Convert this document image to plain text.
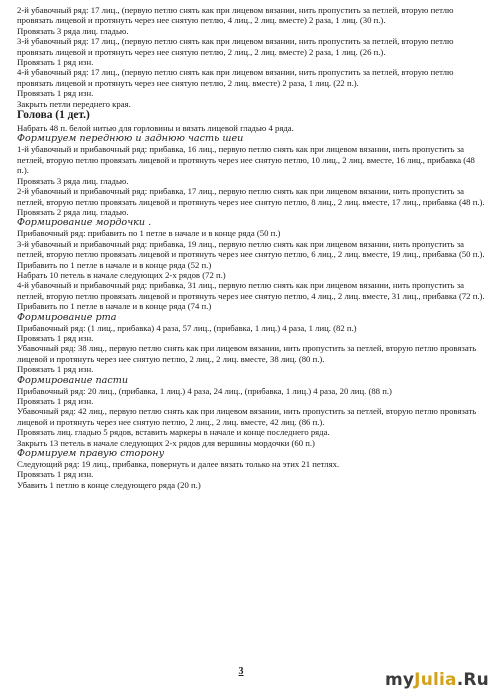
2-й убавочный ряд: 17 лиц., (первую петлю снять как при лицевом вязании, нить пропустить за петлей, вторую петлю провязать лицевой и протянуть через нее снятую петлю, 4 лиц., 2 лиц. вместе) 2 раза, 1 лиц. (30 п.).

Провязать 3 ряда лиц. гладью.

3-й убавочный ряд: 17 лиц., (первую петлю снять как при лицевом вязании, нить пропустить за петлей, вторую петлю провязать лицевой и протянуть через нее снятую петлю, 2 лиц., 2 лиц. вместе) 2 раза, 1 лиц. (26 п.).

Провязать 1 ряд изн.

4-й убавочный ряд: 17 лиц., (первую петлю снять как при лицевом вязании, нить пропустить за петлей, вторую петлю провязать лицевой и протянуть через нее снятую петлю, 2 лиц. вместе) 2 раза, 1 лиц. (22 п.).

Провязать 1 ряд изн.

Закрыть петли переднего края.

Голова (1 дет.)

Набрать 48 п. белой нитью для горловины и вязать лицевой гладью 4 ряда.

Формируем переднюю и заднюю часть шеи

1-й убавочный и прибавочный ряд: прибавка, 16 лиц., первую петлю снять как при лицевом вязании, нить пропустить за петлей, вторую петлю провязать лицевой и протянуть через нее снятую петлю, 10 лиц., 2 лиц. вместе, 16 лиц., прибавка (48 п.).

Провязать 3 ряда лиц. гладью.

2-й убавочный и прибавочный ряд: прибавка, 17 лиц., первую петлю снять как при лицевом вязании, нить пропустить за петлей, вторую петлю провязать лицевой и протянуть через нее снятую петлю, 8 лиц., 2 лиц. вместе, 17 лиц., прибавка (48 п.).

Провязать 2 ряда лиц. гладью.

Формирование мордочки .

Прибавочный ряд: прибавить по 1 петле в начале и в конце ряда (50 п.)

3-й убавочный и прибавочный ряд: прибавка, 19 лиц., первую петлю снять как при лицевом вязании, нить пропустить за петлей, вторую петлю провязать лицевой и протянуть через нее снятую петлю, 6 лиц., 2 лиц. вместе, 19 лиц., прибавка (50 п.).

Прибавить по 1 петле в начале и в конце ряда (52 п.)

Набрать 10 петель в начале следующих 2-х рядов (72 п.)

4-й убавочный и прибавочный ряд: прибавка, 31 лиц., первую петлю снять как при лицевом вязании, нить пропустить за петлей, вторую петлю провязать лицевой и протянуть через нее снятую петлю, 4 лиц., 2 лиц. вместе, 31 лиц., прибавка (72 п.).

Прибавить по 1 петле в начале и в конце ряда (74 п.)

Формирование рта

Прибавочный ряд: (1 лиц., прибавка) 4 раза, 57 лиц., (прибавка, 1 лиц.) 4 раза, 1 лиц. (82 п.)

Провязать 1 ряд изн.

Убавочный ряд: 38 лиц., первую петлю снять как при лицевом вязании, нить пропустить за петлей, вторую петлю провязать лицевой и протянуть через нее снятую петлю, 2 лиц., 2 лиц. вместе, 38 лиц. (80 п.).

Провязать 1 ряд изн.

Формирование пасти

Прибавочный ряд: 20 лиц., (прибавка, 1 лиц.) 4 раза, 24 лиц., (прибавка, 1 лиц.) 4 раза, 20 лиц. (88 п.)

Провязать 1 ряд изн.

Убавочный ряд: 42 лиц., первую петлю снять как при лицевом вязании, нить пропустить за петлей, вторую петлю провязать лицевой и протянуть через нее снятую петлю, 2 лиц., 2 лиц. вместе, 42 лиц. (86 п.).

Провязать лиц. гладью 5 рядов, вставить маркеры в начале и конце последнего ряда.

Закрыть 13 петель в начале следующих 2-х рядов для вершины мордочки (60 п.)

Формируем правую сторону

Следующий ряд: 19 лиц., прибавка, повернуть и далее вязать только на этих 21 петлях.

Провязать 1 ряд изн.

Убавить 1 петлю в конце следующего ряда (20 п.)

3	my Julia .Ru
